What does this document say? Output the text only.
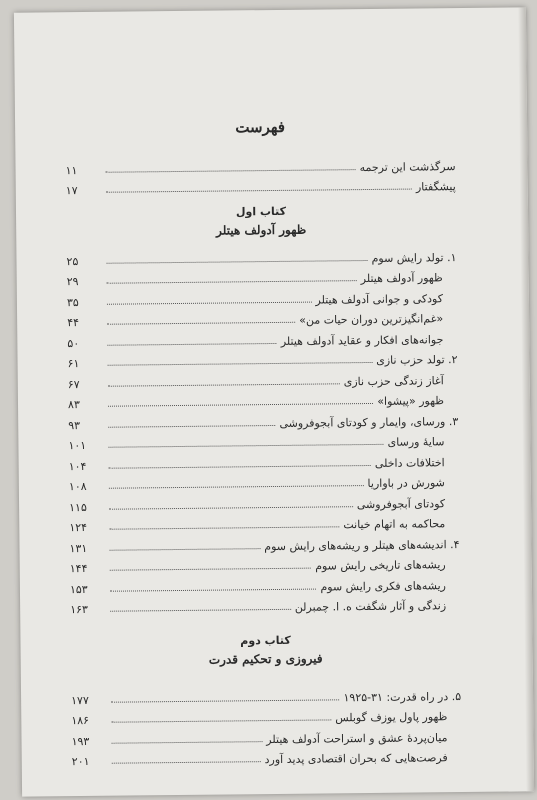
فهرست
سرگذشت این ترجمه
۱۱
پیشگفتار
۱۷
کتاب اول
ظهور آدولف هیتلر
۱. تولد رایش سوم
۲۵
ظهور آدولف هیتلر
۲۹
کودکی و جوانی آدولف هیتلر
۳۵
«غم‌انگیزترین دوران حیات من»
۴۴
جوانه‌های افکار و عقاید آدولف هیتلر
۵۰
۲. تولد حزب نازی
۶۱
آغاز زندگی حزب نازی
۶۷
ظهور «پیشوا»
۸۳
۳. ورسای، وایمار و کودتای آبجوفروشی
۹۳
سایهٔ ورسای
۱۰۱
اختلافات داخلی
۱۰۴
شورش در باواریا
۱۰۸
کودتای آبجوفروشی
۱۱۵
محاکمه به اتهام خیانت
۱۲۴
۴. اندیشه‌های هیتلر و ریشه‌های رایش سوم
۱۳۱
ریشه‌های تاریخی رایش سوم
۱۴۴
ریشه‌های فکری رایش سوم
۱۵۳
زندگی و آثار شگفت ه. ا. چمبرلن
۱۶۳
کتاب دوم
فیروزی و تحکیم قدرت
۵. در راه قدرت: ۳۱-۱۹۲۵
۱۷۷
ظهور پاول یوزف گوبلس
۱۸۶
میان‌پردهٔ عشق و استراحت آدولف هیتلر
۱۹۳
فرصت‌هایی که بحران اقتصادی پدید آورد
۲۰۱
